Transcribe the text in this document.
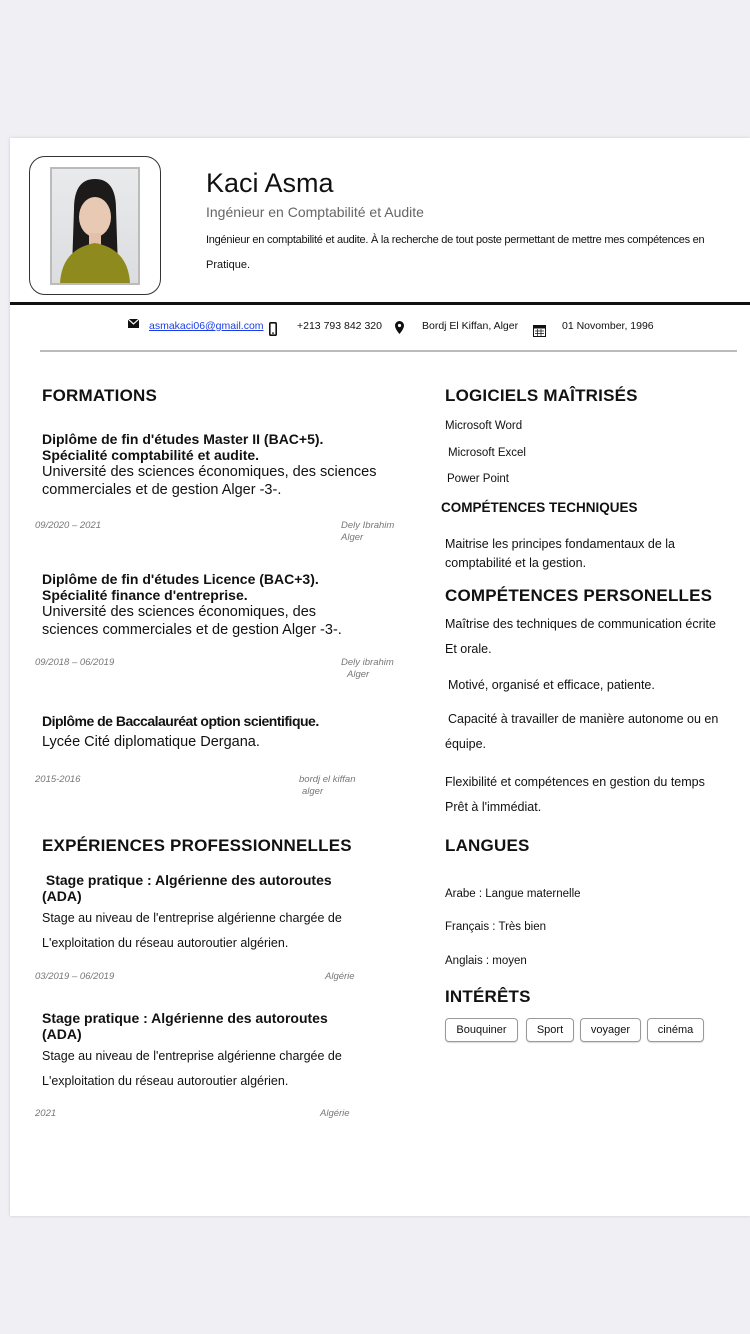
Kaci Asma
Ingénieur en Comptabilité et Audite
Ingénieur en comptabilité et audite. À la recherche de tout poste permettant de mettre mes compétences en
Pratique.
asmakaci06@gmail.com	+213 793 842 320	Bordj El Kiffan, Alger	01 Novomber, 1996
FORMATIONS
Diplôme de fin d'études Master II (BAC+5).
Spécialité comptabilité et audite.
Université des sciences économiques, des sciences
commerciales et de gestion Alger -3-.
09/2020 – 2021	Dely Ibrahim
Alger
Diplôme de fin d'études Licence (BAC+3).
Spécialité finance d'entreprise.
Université des sciences économiques, des
sciences commerciales et de gestion Alger -3-.
09/2018 – 06/2019	Dely ibrahim
Alger
Diplôme de Baccalauréat option scientifique.
Lycée Cité diplomatique Dergana.
2015-2016	bordj el kiffan
alger
EXPÉRIENCES PROFESSIONNELLES
Stage pratique : Algérienne des autoroutes
(ADA)
Stage au niveau de l'entreprise algérienne chargée de
L'exploitation du réseau autoroutier algérien.
03/2019 – 06/2019	Algérie
Stage pratique : Algérienne des autoroutes
(ADA)
Stage au niveau de l'entreprise algérienne chargée de
L'exploitation du réseau autoroutier algérien.
2021	Algérie
LOGICIELS MAÎTRISÉS
Microsoft Word
Microsoft Excel
Power Point
COMPÉTENCES TECHNIQUES
Maitrise les principes fondamentaux de la
comptabilité et la gestion.
COMPÉTENCES PERSONELLES
Maîtrise des techniques de communication écrite
Et orale.
Motivé, organisé et efficace, patiente.
Capacité à travailler de manière autonome ou en
équipe.
Flexibilité et compétences en gestion du temps
Prêt à l'immédiat.
LANGUES
Arabe : Langue maternelle
Français : Très bien
Anglais : moyen
INTÉRÊTS
Bouquiner	Sport	voyager	cinéma
